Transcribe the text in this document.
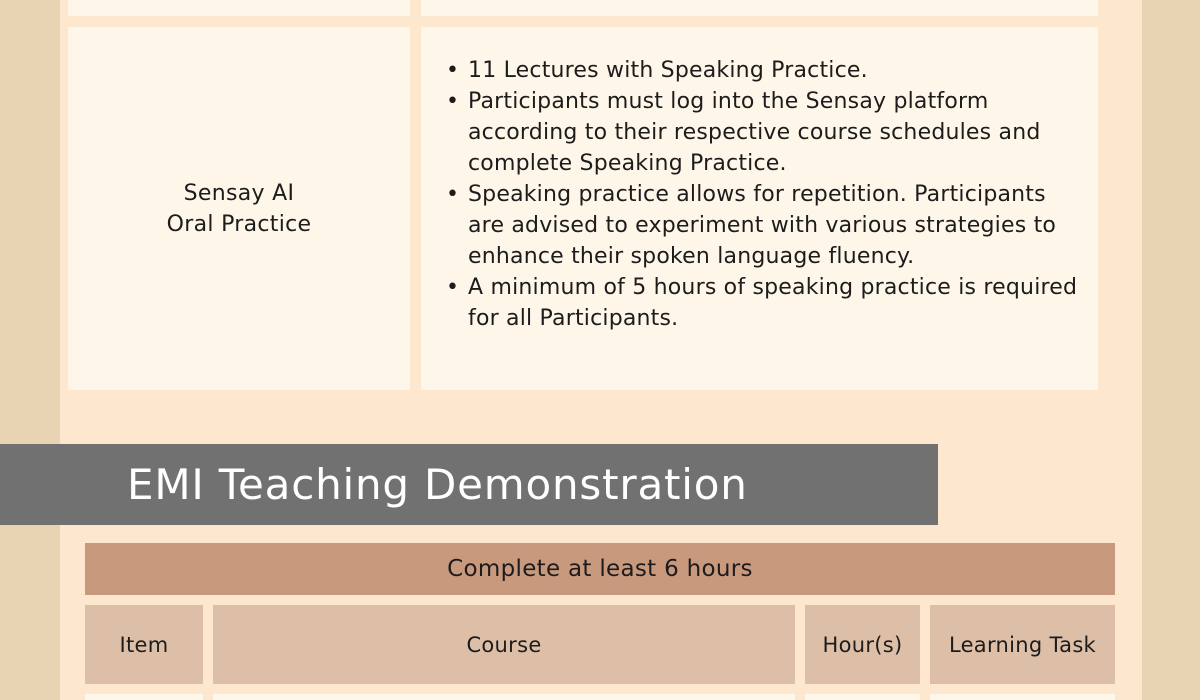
Sensay AI
Oral Practice
• 11 Lectures with Speaking Practice.
• Participants must log into the Sensay platform according to their respective course schedules and complete Speaking Practice.
• Speaking practice allows for repetition. Participants are advised to experiment with various strategies to enhance their spoken language fluency.
• A minimum of 5 hours of speaking practice is required for all Participants.
EMI Teaching Demonstration
Complete at least 6 hours
Item	Course	Hour(s) Learning Task
